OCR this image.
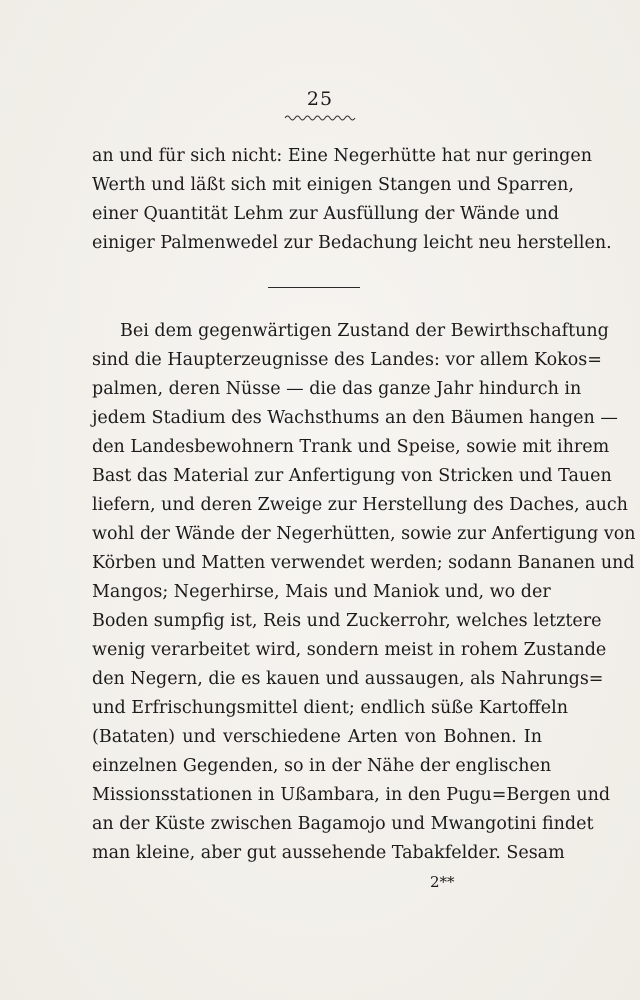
25
an und für sich nicht: Eine Negerhütte hat nur geringen
Werth und läßt sich mit einigen Stangen und Sparren,
einer Quantität Lehm zur Ausfüllung der Wände und
einiger Palmenwedel zur Bedachung leicht neu herstellen.
Bei dem gegenwärtigen Zustand der Bewirthschaftung
sind die Haupterzeugnisse des Landes: vor allem Kokos=
palmen, deren Nüsse — die das ganze Jahr hindurch in
jedem Stadium des Wachsthums an den Bäumen hangen —
den Landesbewohnern Trank und Speise, sowie mit ihrem
Bast das Material zur Anfertigung von Stricken und Tauen
liefern, und deren Zweige zur Herstellung des Daches, auch
wohl der Wände der Negerhütten, sowie zur Anfertigung von
Körben und Matten verwendet werden; sodann Bananen und
Mangos; Negerhirse, Mais und Maniok und, wo der
Boden sumpfig ist, Reis und Zuckerrohr, welches letztere
wenig verarbeitet wird, sondern meist in rohem Zustande
den Negern, die es kauen und aussaugen, als Nahrungs=
und Erfrischungsmittel dient; endlich süße Kartoffeln
(Bataten) und verschiedene Arten von Bohnen. In
einzelnen Gegenden, so in der Nähe der englischen
Missionsstationen in Ußambara, in den Pugu=Bergen und
an der Küste zwischen Bagamojo und Mwangotini findet
man kleine, aber gut aussehende Tabakfelder. Sesam
2**
